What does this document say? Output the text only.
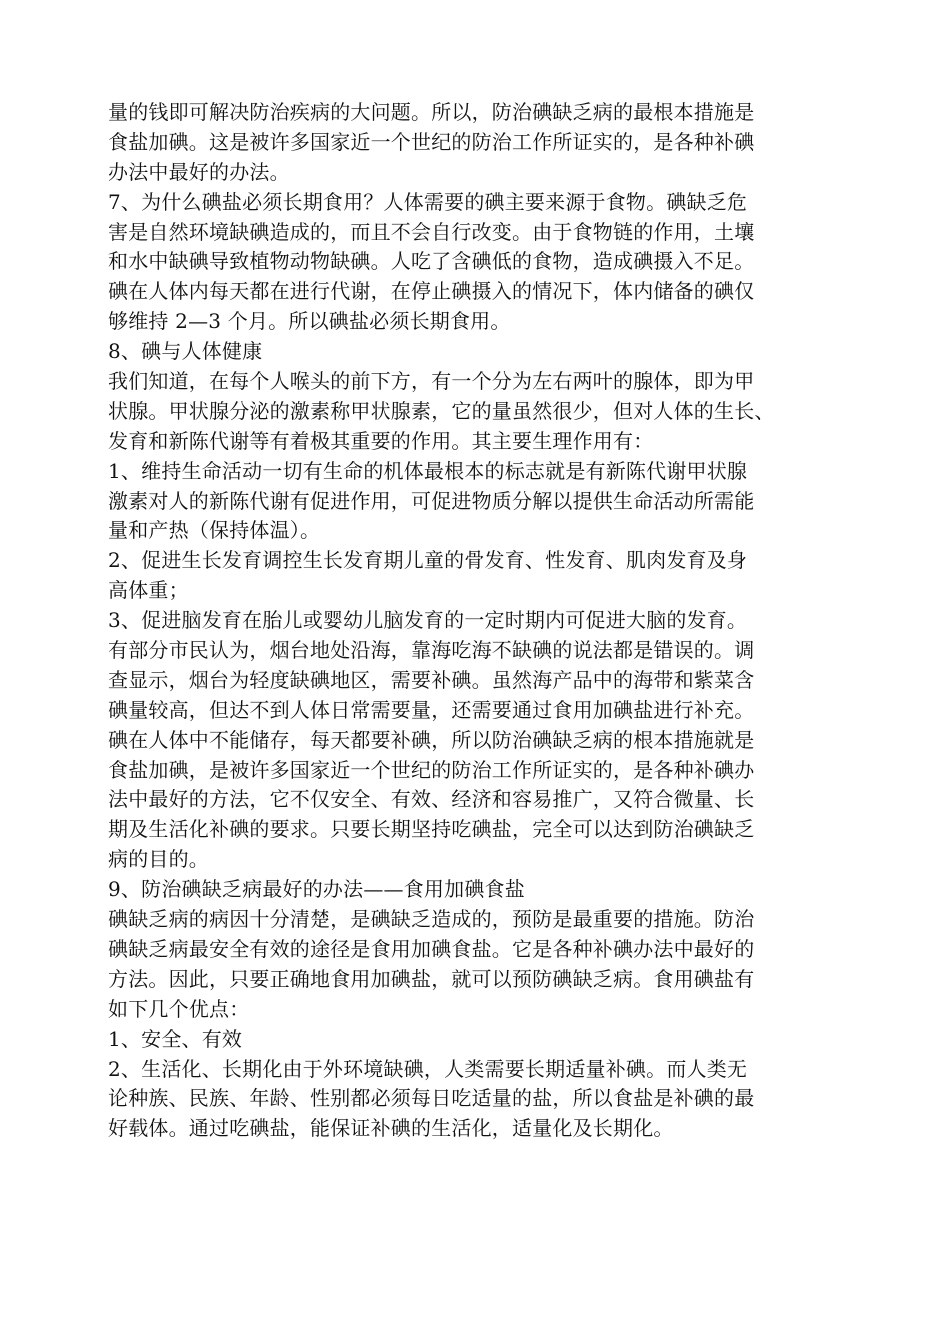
量的钱即可解决防治疾病的大问题。所以，防治碘缺乏病的最根本措施是
食盐加碘。这是被许多国家近一个世纪的防治工作所证实的，是各种补碘
办法中最好的办法。
7、为什么碘盐必须长期食用？人体需要的碘主要来源于食物。碘缺乏危
害是自然环境缺碘造成的，而且不会自行改变。由于食物链的作用，土壤
和水中缺碘导致植物动物缺碘。人吃了含碘低的食物，造成碘摄入不足。
碘在人体内每天都在进行代谢，在停止碘摄入的情况下，体内储备的碘仅
够维持 2—3 个月。所以碘盐必须长期食用。
8、碘与人体健康
我们知道，在每个人喉头的前下方，有一个分为左右两叶的腺体，即为甲
状腺。甲状腺分泌的激素称甲状腺素，它的量虽然很少，但对人体的生长、
发育和新陈代谢等有着极其重要的作用。其主要生理作用有：
1、维持生命活动一切有生命的机体最根本的标志就是有新陈代谢甲状腺
激素对人的新陈代谢有促进作用，可促进物质分解以提供生命活动所需能
量和产热（保持体温）。
2、促进生长发育调控生长发育期儿童的骨发育、性发育、肌肉发育及身
高体重；
3、促进脑发育在胎儿或婴幼儿脑发育的一定时期内可促进大脑的发育。
有部分市民认为，烟台地处沿海，靠海吃海不缺碘的说法都是错误的。调
查显示，烟台为轻度缺碘地区，需要补碘。虽然海产品中的海带和紫菜含
碘量较高，但达不到人体日常需要量，还需要通过食用加碘盐进行补充。
碘在人体中不能储存，每天都要补碘，所以防治碘缺乏病的根本措施就是
食盐加碘，是被许多国家近一个世纪的防治工作所证实的，是各种补碘办
法中最好的方法，它不仅安全、有效、经济和容易推广，又符合微量、长
期及生活化补碘的要求。只要长期坚持吃碘盐，完全可以达到防治碘缺乏
病的目的。
9、防治碘缺乏病最好的办法——食用加碘食盐
碘缺乏病的病因十分清楚，是碘缺乏造成的，预防是最重要的措施。防治
碘缺乏病最安全有效的途径是食用加碘食盐。它是各种补碘办法中最好的
方法。因此，只要正确地食用加碘盐，就可以预防碘缺乏病。食用碘盐有
如下几个优点：
1、安全、有效
2、生活化、长期化由于外环境缺碘，人类需要长期适量补碘。而人类无
论种族、民族、年龄、性别都必须每日吃适量的盐，所以食盐是补碘的最
好载体。通过吃碘盐，能保证补碘的生活化，适量化及长期化。
